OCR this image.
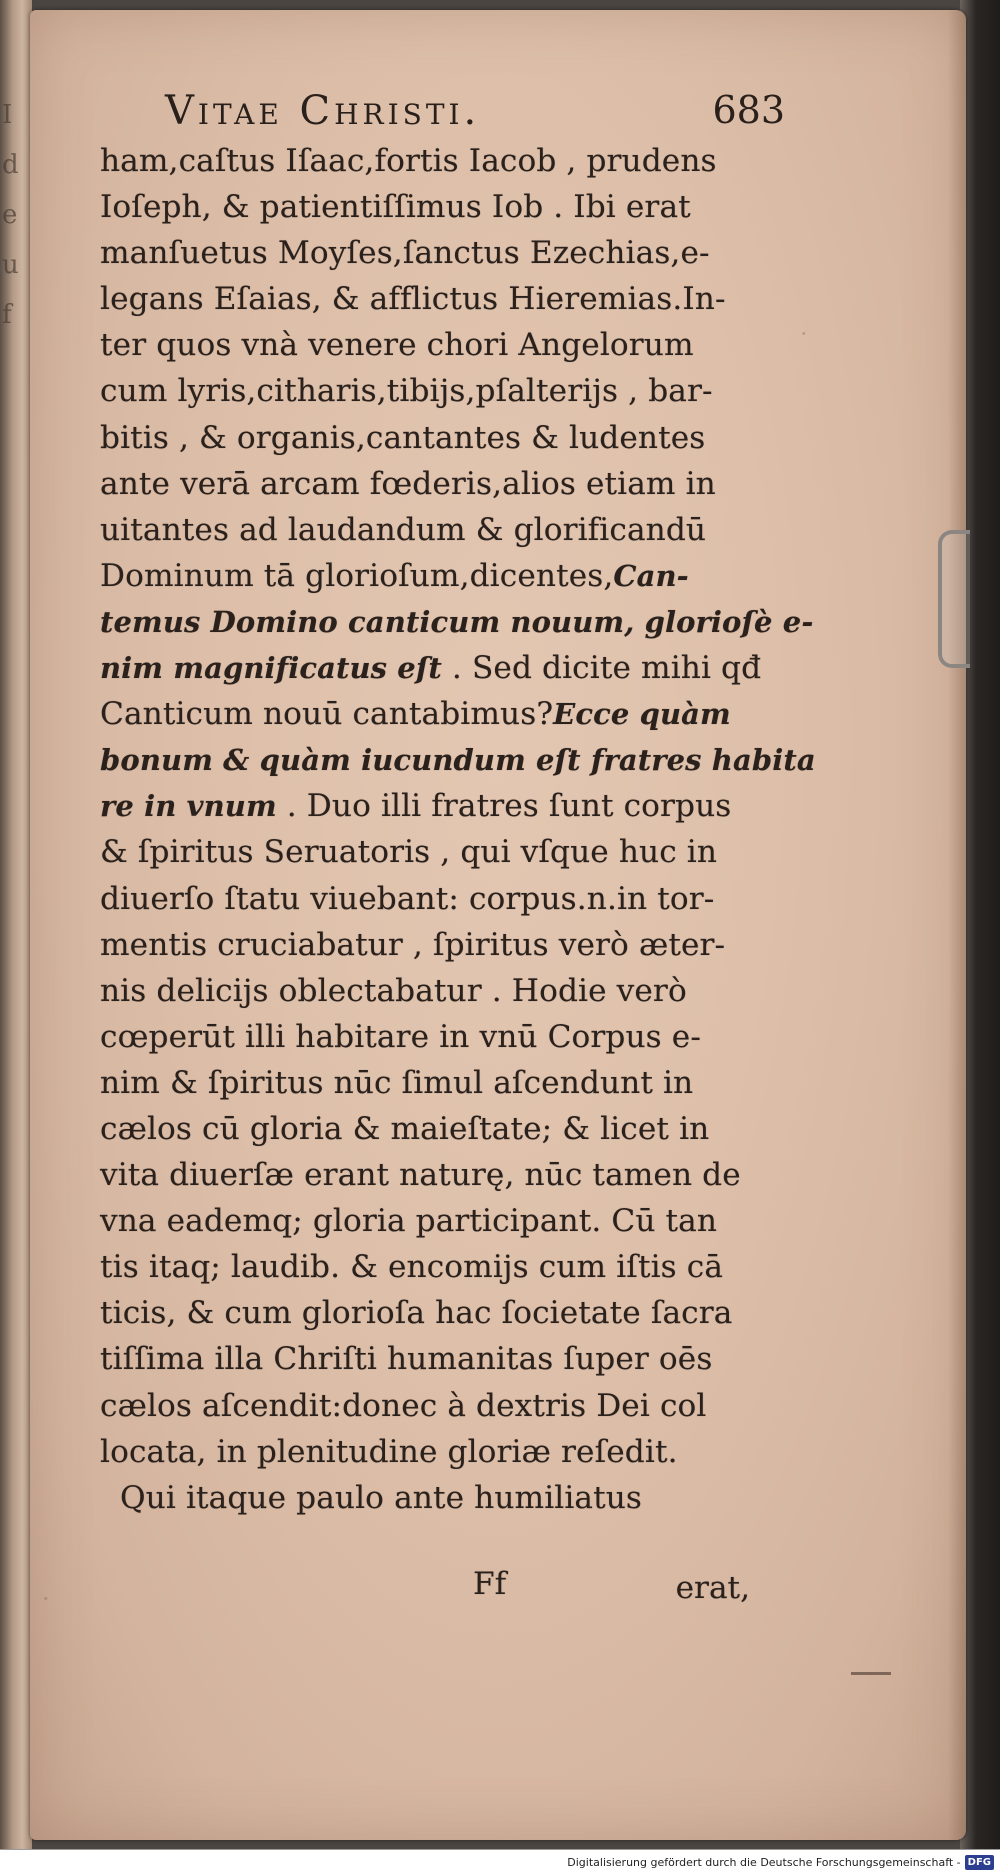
I
d
e
u
f
Vitae Christi.	683
ham,caſtus Iſaac,fortis Iacob , prudens
Ioſeph, & patientiſſimus Iob . Ibi erat
manſuetus Moyſes,ſanctus Ezechias,e-
legans Eſaias, & afflictus Hieremias.In-
ter quos vnà venere chori Angelorum
cum lyris,citharis,tibijs,pſalterijs , bar-
bitis , & organis,cantantes & ludentes
ante verā arcam fœderis,alios etiam in
uitantes ad laudandum & glorificandū
Dominum tā glorioſum,dicentes,Can-
temus Domino canticum nouum, glorioſè e-
nim magnificatus eſt . Sed dicite mihi qđ
Canticum nouū cantabimus?Ecce quàm
bonum & quàm iucundum eſt fratres habita
re in vnum . Duo illi fratres ſunt corpus
& ſpiritus Seruatoris , qui vſque huc in
diuerſo ſtatu viuebant: corpus.n.in tor-
mentis cruciabatur , ſpiritus verò æter-
nis delicijs oblectabatur . Hodie verò
cœperūt illi habitare in vnū Corpus e-
nim & ſpiritus nūc ſimul aſcendunt in
cælos cū gloria & maieſtate; & licet in
vita diuerſæ erant naturę, nūc tamen de
vna eademq; gloria participant. Cū tan
tis itaq; laudib. & encomijs cum iſtis cā
ticis, & cum glorioſa hac ſocietate ſacra
tiſſima illa Chriſti humanitas ſuper oēs
cælos aſcendit:donec à dextris Dei col
locata, in plenitudine gloriæ reſedit.
Qui itaque paulo ante humiliatus
Ff	erat,
·
·
Digitalisierung gefördert durch die Deutsche Forschungsgemeinschaft - DFG
